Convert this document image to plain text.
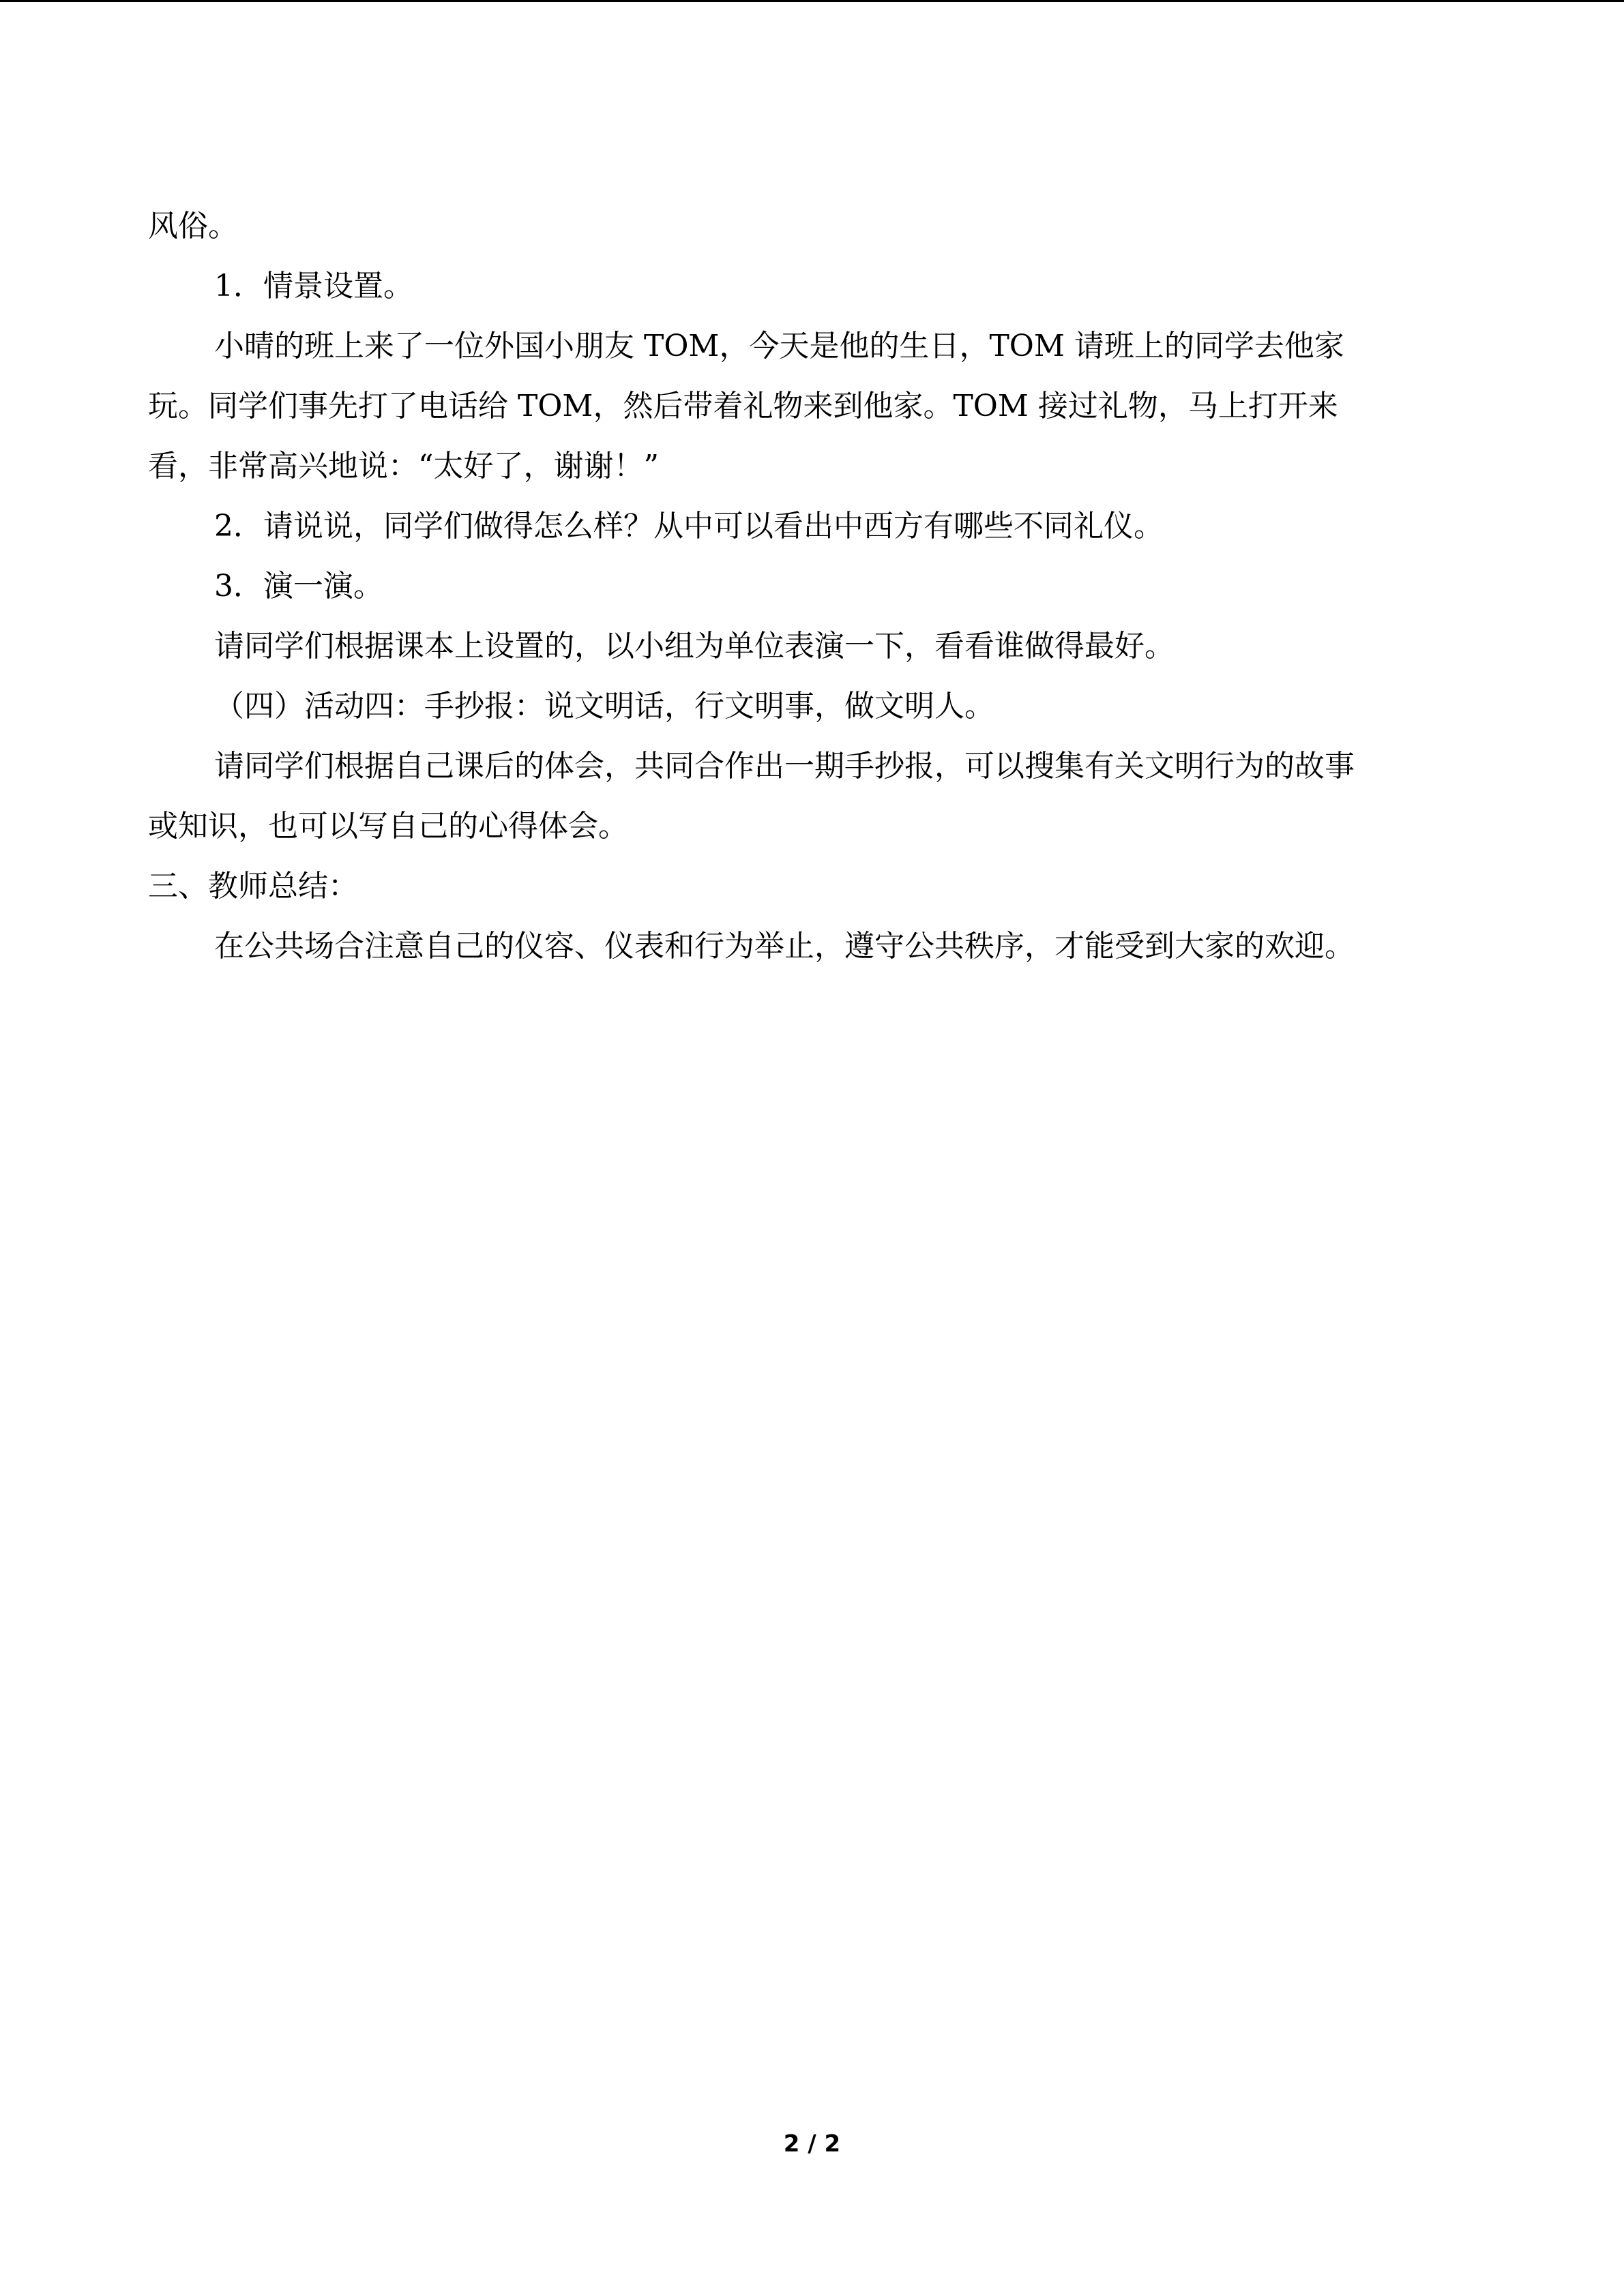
风俗。
1．情景设置。
小晴的班上来了一位外国小朋友 TOM，今天是他的生日，TOM 请班上的同学去他家
玩。同学们事先打了电话给 TOM，然后带着礼物来到他家。TOM 接过礼物，马上打开来
看，非常高兴地说：“太好了，谢谢！”
2．请说说，同学们做得怎么样？从中可以看出中西方有哪些不同礼仪。
3．演一演。
请同学们根据课本上设置的，以小组为单位表演一下，看看谁做得最好。
（四）活动四：手抄报：说文明话，行文明事，做文明人。
请同学们根据自己课后的体会，共同合作出一期手抄报，可以搜集有关文明行为的故事
或知识，也可以写自己的心得体会。
三、教师总结：
在公共场合注意自己的仪容、仪表和行为举止，遵守公共秩序，才能受到大家的欢迎。
2 / 2
